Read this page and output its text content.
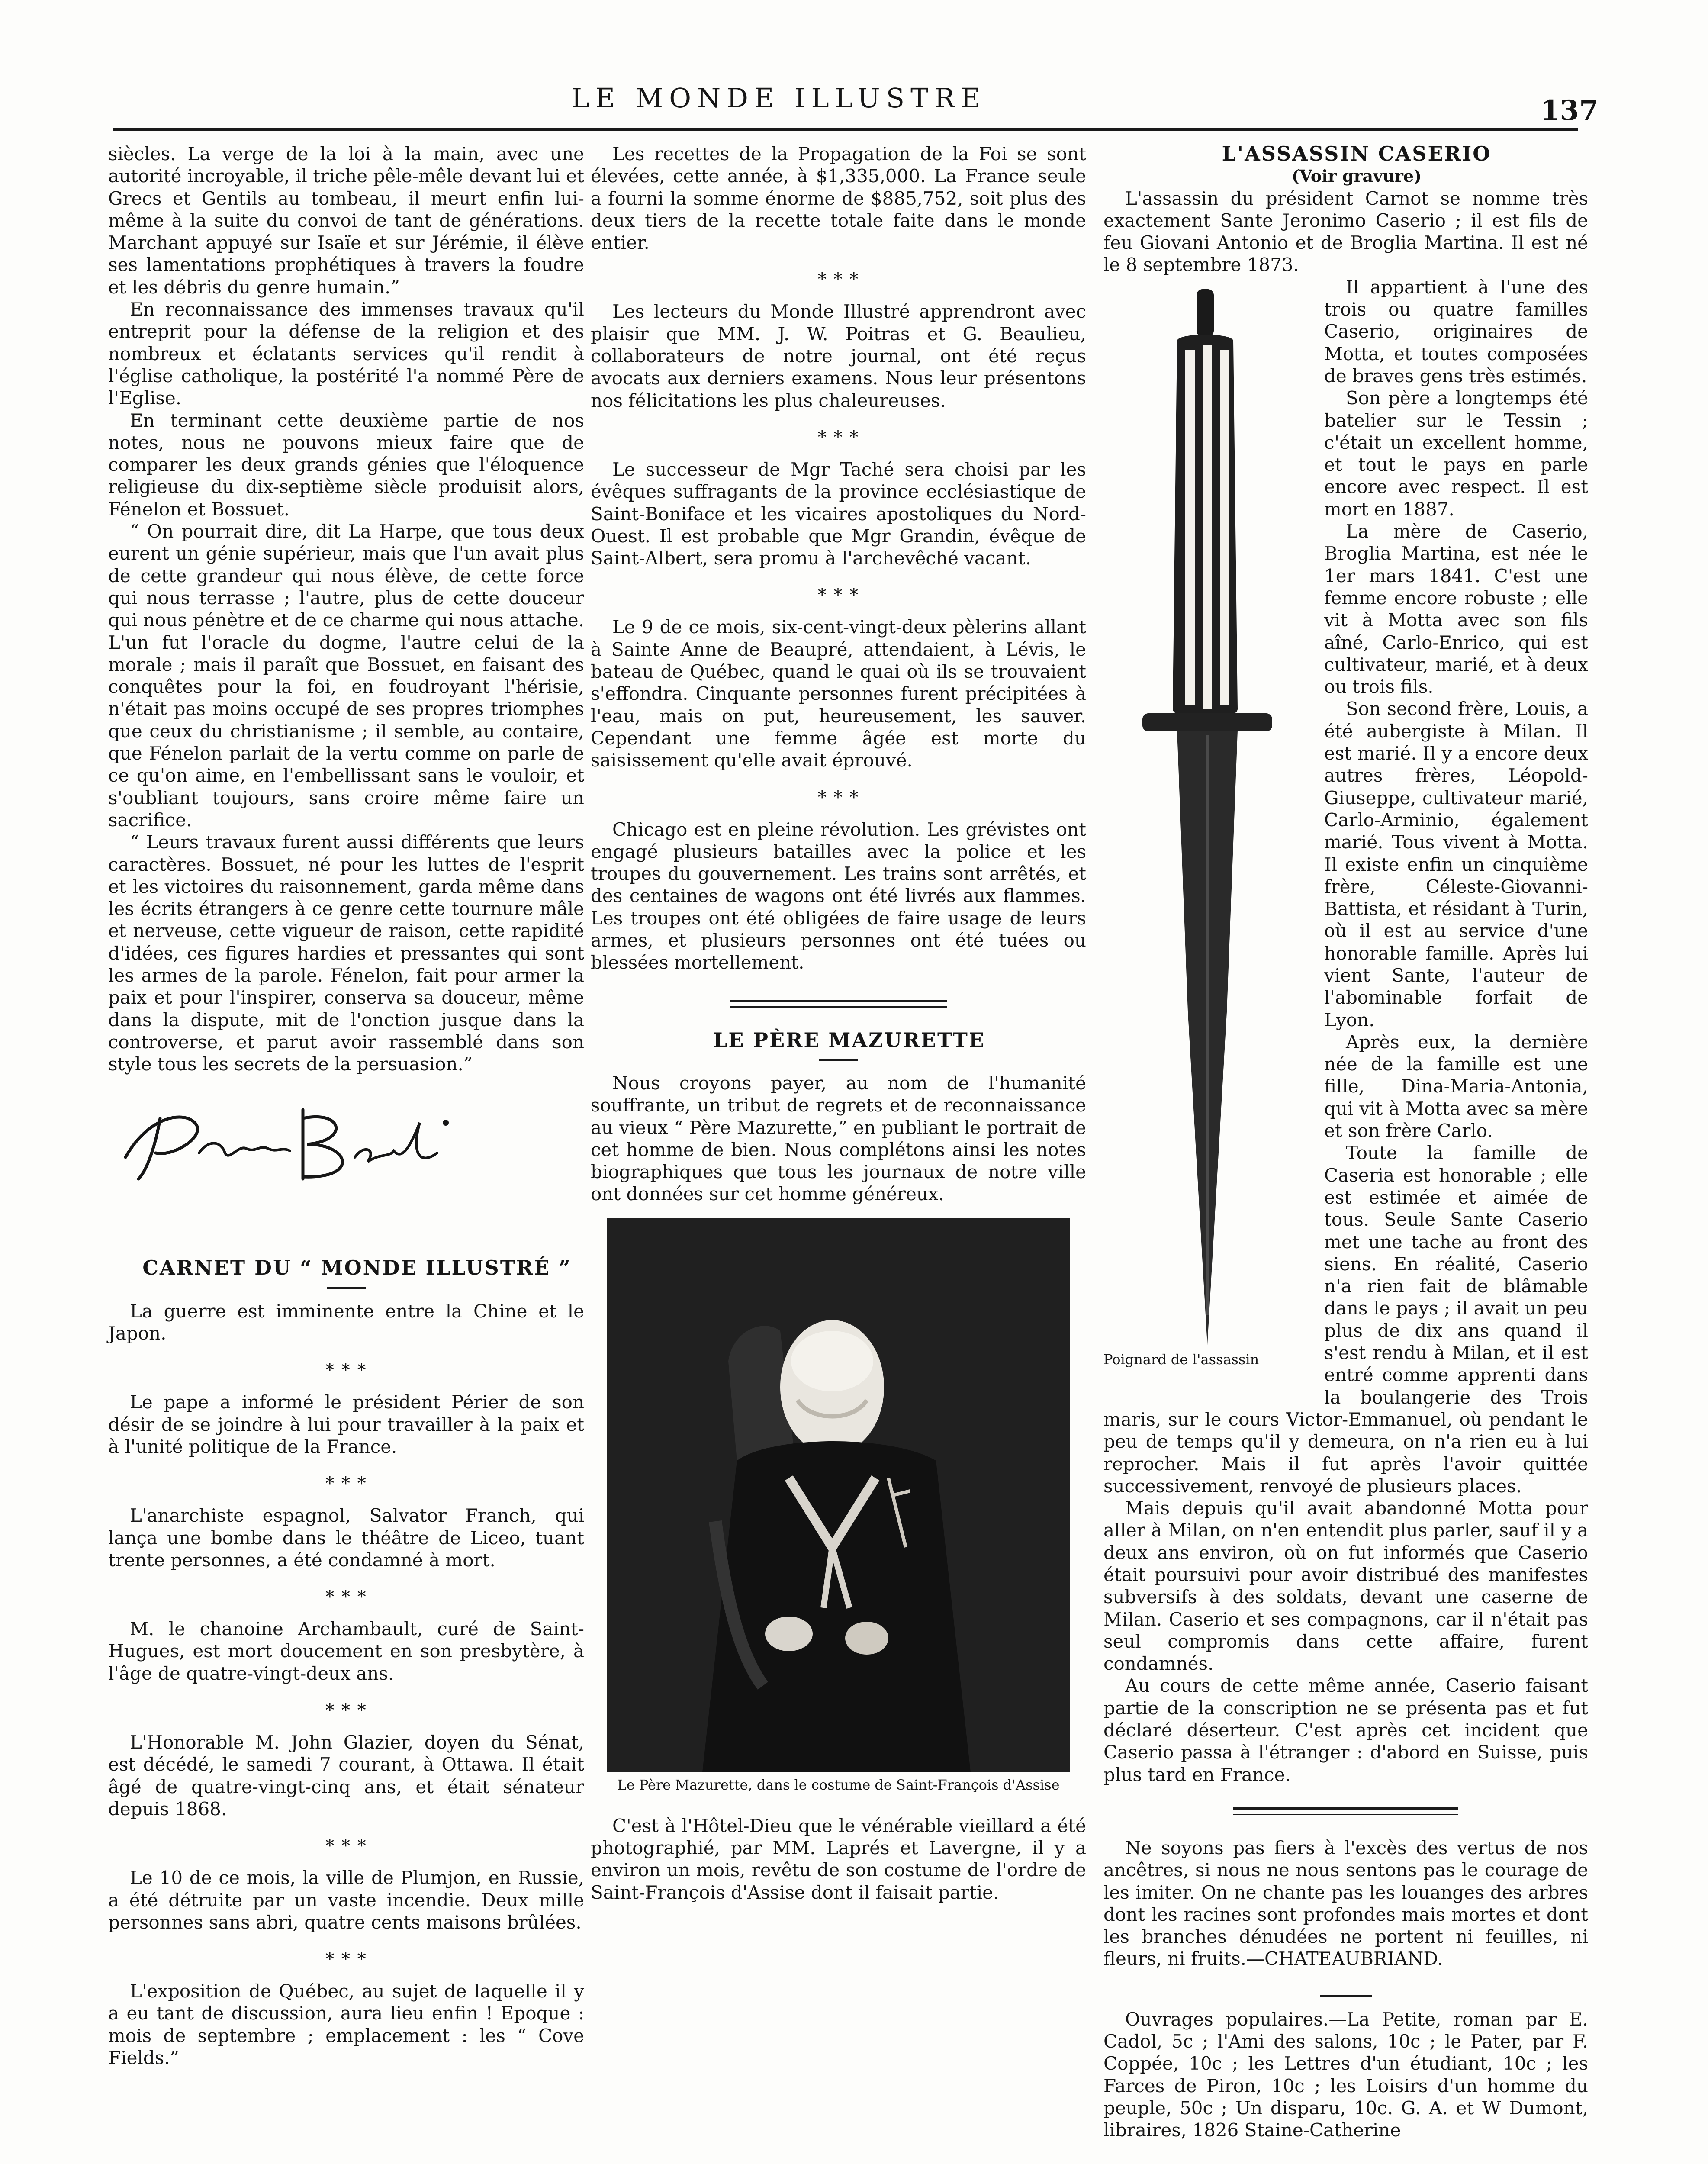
LE MONDE ILLUSTRE	137

siècles. La verge de la loi à la main, avec une autorité incroyable, il triche pêle-mêle devant lui et Grecs et Gentils au tombeau, il meurt enfin lui-même à la suite du convoi de tant de générations. Marchant appuyé sur Isaïe et sur Jérémie, il élève ses lamentations prophétiques à travers la foudre et les débris du genre humain.”

En reconnaissance des immenses travaux qu'il entreprit pour la défense de la religion et des nombreux et éclatants services qu'il rendit à l'église catholique, la postérité l'a nommé Père de l'Eglise.

En terminant cette deuxième partie de nos notes, nous ne pouvons mieux faire que de comparer les deux grands génies que l'éloquence religieuse du dix-septième siècle produisit alors, Fénelon et Bossuet.

“ On pourrait dire, dit La Harpe, que tous deux eurent un génie supérieur, mais que l'un avait plus de cette grandeur qui nous élève, de cette force qui nous terrasse ; l'autre, plus de cette douceur qui nous pénètre et de ce charme qui nous attache. L'un fut l'oracle du dogme, l'autre celui de la morale ; mais il paraît que Bossuet, en faisant des conquêtes pour la foi, en foudroyant l'hérisie, n'était pas moins occupé de ses propres triomphes que ceux du christianisme ; il semble, au contaire, que Fénelon parlait de la vertu comme on parle de ce qu'on aime, en l'embellissant sans le vouloir, et s'oubliant toujours, sans croire même faire un sacrifice.

“ Leurs travaux furent aussi différents que leurs caractères. Bossuet, né pour les luttes de l'esprit et les victoires du raisonnement, garda même dans les écrits étrangers à ce genre cette tournure mâle et nerveuse, cette vigueur de raison, cette rapidité d'idées, ces figures hardies et pressantes qui sont les armes de la parole. Fénelon, fait pour armer la paix et pour l'inspirer, conserva sa douceur, même dans la dispute, mit de l'onction jusque dans la controverse, et parut avoir rassemblé dans son style tous les secrets de la persuasion.”

CARNET DU “ MONDE ILLUSTRÉ ”

La guerre est imminente entre la Chine et le Japon.

* * *

Le pape a informé le président Périer de son désir de se joindre à lui pour travailler à la paix et à l'unité politique de la France.

* * *

L'anarchiste espagnol, Salvator Franch, qui lança une bombe dans le théâtre de Liceo, tuant trente personnes, a été condamné à mort.

* * *

M. le chanoine Archambault, curé de Saint-Hugues, est mort doucement en son presbytère, à l'âge de quatre-vingt-deux ans.

* * *

L'Honorable M. John Glazier, doyen du Sénat, est décédé, le samedi 7 courant, à Ottawa. Il était âgé de quatre-vingt-cinq ans, et était sénateur depuis 1868.

* * *

Le 10 de ce mois, la ville de Plumjon, en Russie, a été détruite par un vaste incendie. Deux mille personnes sans abri, quatre cents maisons brûlées.

* * *

L'exposition de Québec, au sujet de laquelle il y a eu tant de discussion, aura lieu enfin ! Epoque : mois de septembre ; emplacement : les “ Cove Fields.”

Les recettes de la Propagation de la Foi se sont élevées, cette année, à $1,335,000. La France seule a fourni la somme énorme de $885,752, soit plus des deux tiers de la recette totale faite dans le monde entier.

* * *

Les lecteurs du Monde Illustré apprendront avec plaisir que MM. J. W. Poitras et G. Beaulieu, collaborateurs de notre journal, ont été reçus avocats aux derniers examens. Nous leur présentons nos félicitations les plus chaleureuses.

* * *

Le successeur de Mgr Taché sera choisi par les évêques suffragants de la province ecclésiastique de Saint-Boniface et les vicaires apostoliques du Nord-Ouest. Il est probable que Mgr Grandin, évêque de Saint-Albert, sera promu à l'archevêché vacant.

* * *

Le 9 de ce mois, six-cent-vingt-deux pèlerins allant à Sainte Anne de Beaupré, attendaient, à Lévis, le bateau de Québec, quand le quai où ils se trouvaient s'effondra. Cinquante personnes furent précipitées à l'eau, mais on put, heureusement, les sauver. Cependant une femme âgée est morte du saisissement qu'elle avait éprouvé.

* * *

Chicago est en pleine révolution. Les grévistes ont engagé plusieurs batailles avec la police et les troupes du gouvernement. Les trains sont arrêtés, et des centaines de wagons ont été livrés aux flammes. Les troupes ont été obligées de faire usage de leurs armes, et plusieurs personnes ont été tuées ou blessées mortellement.

LE PÈRE MAZURETTE

Nous croyons payer, au nom de l'humanité souffrante, un tribut de regrets et de reconnaissance au vieux “ Père Mazurette,” en publiant le portrait de cet homme de bien. Nous complétons ainsi les notes biographiques que tous les journaux de notre ville ont données sur cet homme généreux.

Le Père Mazurette, dans le costume de Saint-François d'Assise

C'est à l'Hôtel-Dieu que le vénérable vieillard a été photographié, par MM. Laprés et Lavergne, il y a environ un mois, revêtu de son costume de l'ordre de Saint-François d'Assise dont il faisait partie.

L'ASSASSIN CASERIO

(Voir gravure)

L'assassin du président Carnot se nomme très exactement Sante Jeronimo Caserio ; il est fils de feu Giovani Antonio et de Broglia Martina. Il est né le 8 septembre 1873.

Poignard de l'assassin

Il appartient à l'une des trois ou quatre familles Caserio, originaires de Motta, et toutes composées de braves gens très estimés.

Son père a longtemps été batelier sur le Tessin ; c'était un excellent homme, et tout le pays en parle encore avec respect. Il est mort en 1887.

La mère de Caserio, Broglia Martina, est née le 1er mars 1841. C'est une femme encore robuste ; elle vit à Motta avec son fils aîné, Carlo-Enrico, qui est cultivateur, marié, et à deux ou trois fils.

Son second frère, Louis, a été aubergiste à Milan. Il est marié. Il y a encore deux autres frères, Léopold-Giuseppe, cultivateur marié, Carlo-Arminio, également marié. Tous vivent à Motta. Il existe enfin un cinquième frère, Céleste-Giovanni-Battista, et résidant à Turin, où il est au service d'une honorable famille. Après lui vient Sante, l'auteur de l'abominable forfait de Lyon.

Après eux, la dernière née de la famille est une fille, Dina-Maria-Antonia, qui vit à Motta avec sa mère et son frère Carlo.

Toute la famille de Caseria est honorable ; elle est estimée et aimée de tous. Seule Sante Caserio met une tache au front des siens. En réalité, Caserio n'a rien fait de blâmable dans le pays ; il avait un peu plus de dix ans quand il s'est rendu à Milan, et il est entré comme apprenti dans la boulangerie des Trois maris, sur le cours Victor-Emmanuel, où pendant le peu de temps qu'il y demeura, on n'a rien eu à lui reprocher. Mais il fut après l'avoir quittée successivement, renvoyé de plusieurs places.

Mais depuis qu'il avait abandonné Motta pour aller à Milan, on n'en entendit plus parler, sauf il y a deux ans environ, où on fut informés que Caserio était poursuivi pour avoir distribué des manifestes subversifs à des soldats, devant une caserne de Milan. Caserio et ses compagnons, car il n'était pas seul compromis dans cette affaire, furent condamnés.

Au cours de cette même année, Caserio faisant partie de la conscription ne se présenta pas et fut déclaré déserteur. C'est après cet incident que Caserio passa à l'étranger : d'abord en Suisse, puis plus tard en France.

Ne soyons pas fiers à l'excès des vertus de nos ancêtres, si nous ne nous sentons pas le courage de les imiter. On ne chante pas les louanges des arbres dont les racines sont profondes mais mortes et dont les branches dénudées ne portent ni feuilles, ni fleurs, ni fruits.—CHATEAUBRIAND.

Ouvrages populaires.—La Petite, roman par E. Cadol, 5c ; l'Ami des salons, 10c ; le Pater, par F. Coppée, 10c ; les Lettres d'un étudiant, 10c ; les Farces de Piron, 10c ; les Loisirs d'un homme du peuple, 50c ; Un disparu, 10c. G. A. et W Dumont, libraires, 1826 Staine-Catherine
